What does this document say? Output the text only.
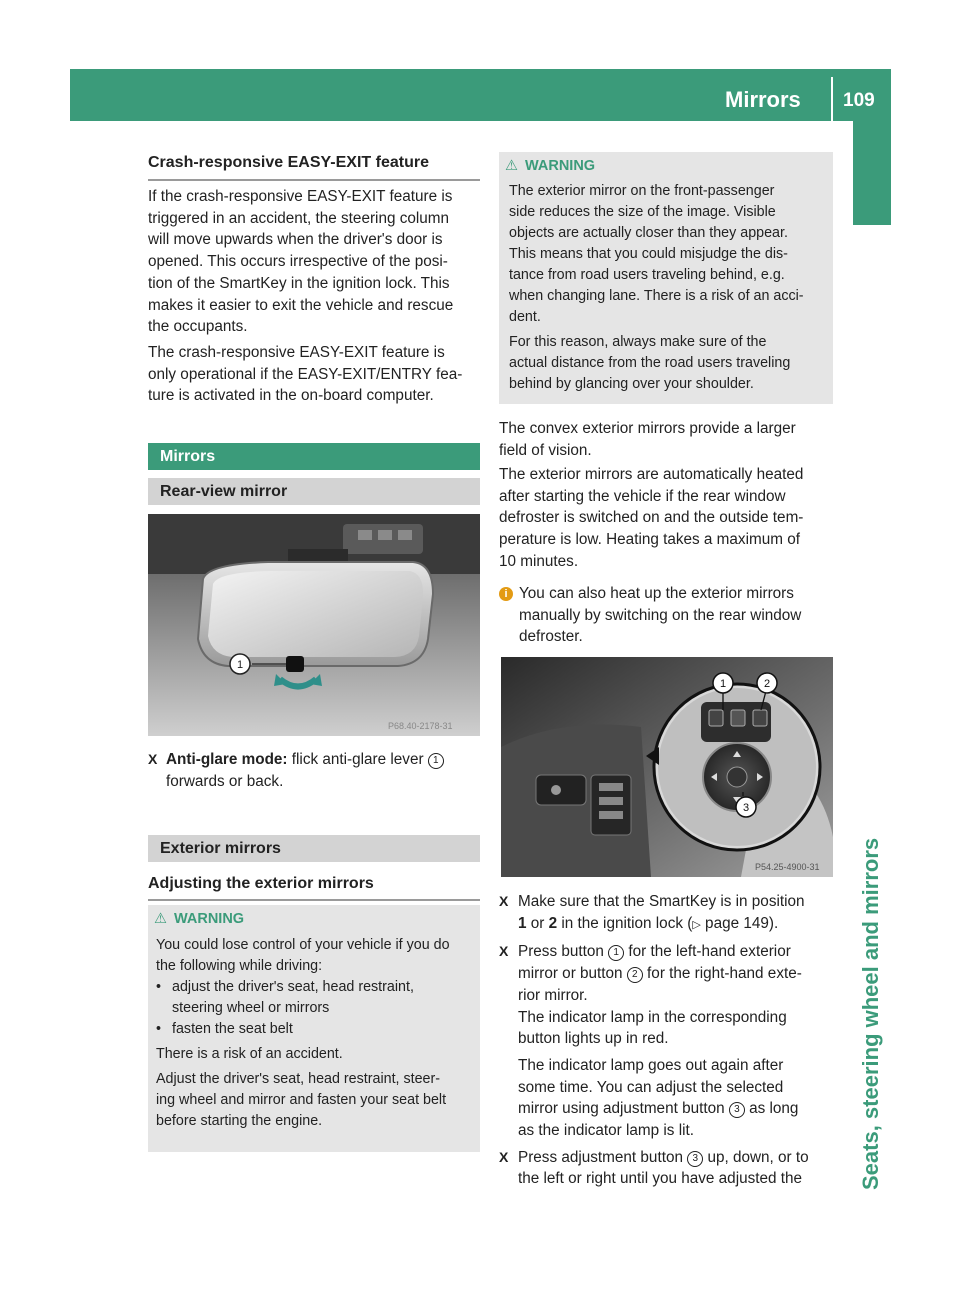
Mirrors 109
Seats, steering wheel and mirrors
Crash-responsive EASY-EXIT feature
If the crash-responsive EASY-EXIT feature is
triggered in an accident, the steering column
will move upwards when the driver's door is
opened. This occurs irrespective of the posi-
tion of the SmartKey in the ignition lock. This
makes it easier to exit the vehicle and rescue
the occupants.
The crash-responsive EASY-EXIT feature is
only operational if the EASY-EXIT/ENTRY fea-
ture is activated in the on-board computer.
Mirrors
Rear-view mirror
1
P68.40-2178-31
X Anti-glare mode: flick anti-glare lever 1
forwards or back.
Exterior mirrors
Adjusting the exterior mirrors
⚠ WARNING
You could lose control of your vehicle if you do
the following while driving:
• adjust the driver's seat, head restraint,
steering wheel or mirrors
• fasten the seat belt
There is a risk of an accident.
Adjust the driver's seat, head restraint, steer-
ing wheel and mirror and fasten your seat belt
before starting the engine.
⚠ WARNING
The exterior mirror on the front-passenger
side reduces the size of the image. Visible
objects are actually closer than they appear.
This means that you could misjudge the dis-
tance from road users traveling behind, e.g.
when changing lane. There is a risk of an acci-
dent.
For this reason, always make sure of the
actual distance from the road users traveling
behind by glancing over your shoulder.
The convex exterior mirrors provide a larger
field of vision.
The exterior mirrors are automatically heated
after starting the vehicle if the rear window
defroster is switched on and the outside tem-
perature is low. Heating takes a maximum of
10 minutes.
i You can also heat up the exterior mirrors
manually by switching on the rear window
defroster.
1	2
3
P54.25-4900-31
X Make sure that the SmartKey is in position
1 or 2 in the ignition lock (▷ page 149).
X Press button 1 for the left-hand exterior
mirror or button 2 for the right-hand exte-
rior mirror.
The indicator lamp in the corresponding
button lights up in red.
The indicator lamp goes out again after
some time. You can adjust the selected
mirror using adjustment button 3 as long
as the indicator lamp is lit.
X Press adjustment button 3 up, down, or to
the left or right until you have adjusted the
